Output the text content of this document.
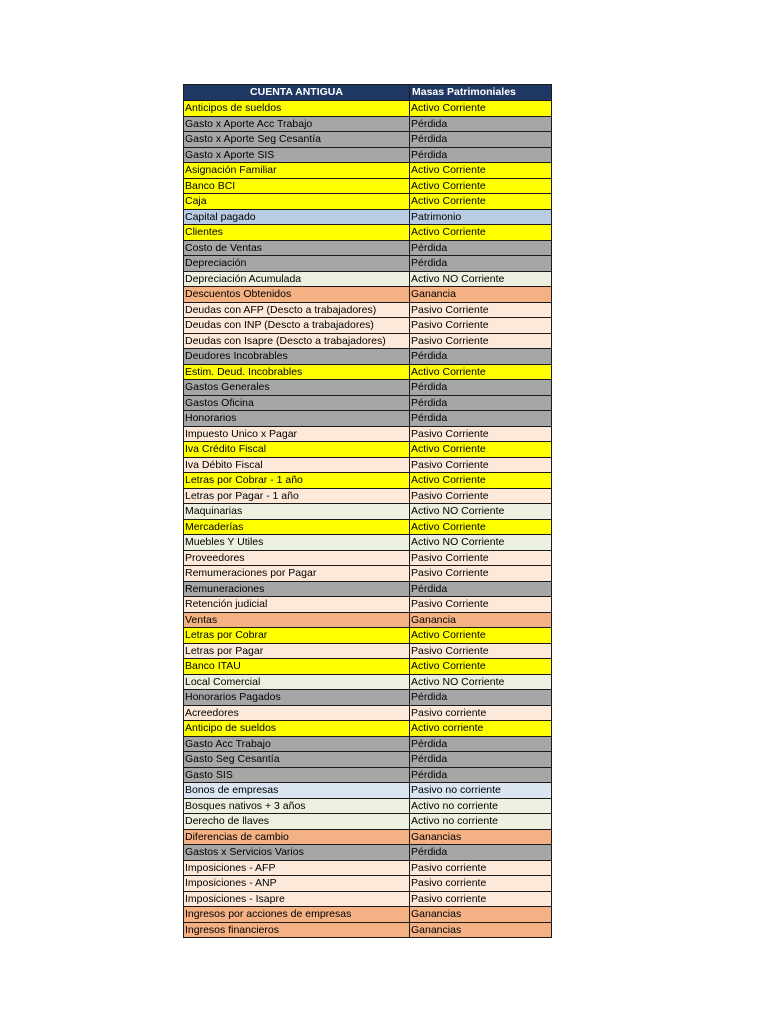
CUENTA ANTIGUA	Masas Patrimoniales
Anticipos de sueldos	Activo Corriente
Gasto x Aporte Acc Trabajo	Pérdida
Gasto x Aporte Seg Cesantía	Pérdida
Gasto x Aporte SIS	Pérdida
Asignación Familiar	Activo Corriente
Banco BCI	Activo Corriente
Caja	Activo Corriente
Capital pagado	Patrimonio
Clientes	Activo Corriente
Costo de Ventas	Pérdida
Depreciación	Pérdida
Depreciación Acumulada	Activo NO Corriente
Descuentos Obtenidos	Ganancia
Deudas con AFP (Descto a trabajadores)	Pasivo Corriente
Deudas con INP (Descto a trabajadores)	Pasivo Corriente
Deudas con Isapre (Descto a trabajadores)	Pasivo Corriente
Deudores Incobrables	Pérdida
Estim. Deud. Incobrables	Activo Corriente
Gastos Generales	Pérdida
Gastos Oficina	Pérdida
Honorarios	Pérdida
Impuesto Unico x Pagar	Pasivo Corriente
Iva Crédito Fiscal	Activo Corriente
Iva Débito Fiscal	Pasivo Corriente
Letras por Cobrar - 1 año	Activo Corriente
Letras por Pagar - 1 año	Pasivo Corriente
Maquinarias	Activo NO Corriente
Mercaderías	Activo Corriente
Muebles Y Utiles	Activo NO Corriente
Proveedores	Pasivo Corriente
Remumeraciones por Pagar	Pasivo Corriente
Remuneraciones	Pérdida
Retención judicial	Pasivo Corriente
Ventas	Ganancia
Letras por Cobrar	Activo Corriente
Letras por Pagar	Pasivo Corriente
Banco ITAU	Activo Corriente
Local Comercial	Activo NO Corriente
Honorarios Pagados	Pérdida
Acreedores	Pasivo corriente
Anticipo de sueldos	Activo corriente
Gasto Acc Trabajo	Pérdida
Gasto Seg Cesantía	Pérdida
Gasto SIS	Pérdida
Bonos de empresas	Pasivo no corriente
Bosques nativos + 3 años	Activo no corriente
Derecho de llaves	Activo no corriente
Diferencias de cambio	Ganancias
Gastos x Servicios Varios	Pérdida
Imposiciones - AFP	Pasivo corriente
Imposiciones - ANP	Pasivo corriente
Imposiciones - Isapre	Pasivo corriente
Ingresos por acciones de empresas	Ganancias
Ingresos financieros	Ganancias
